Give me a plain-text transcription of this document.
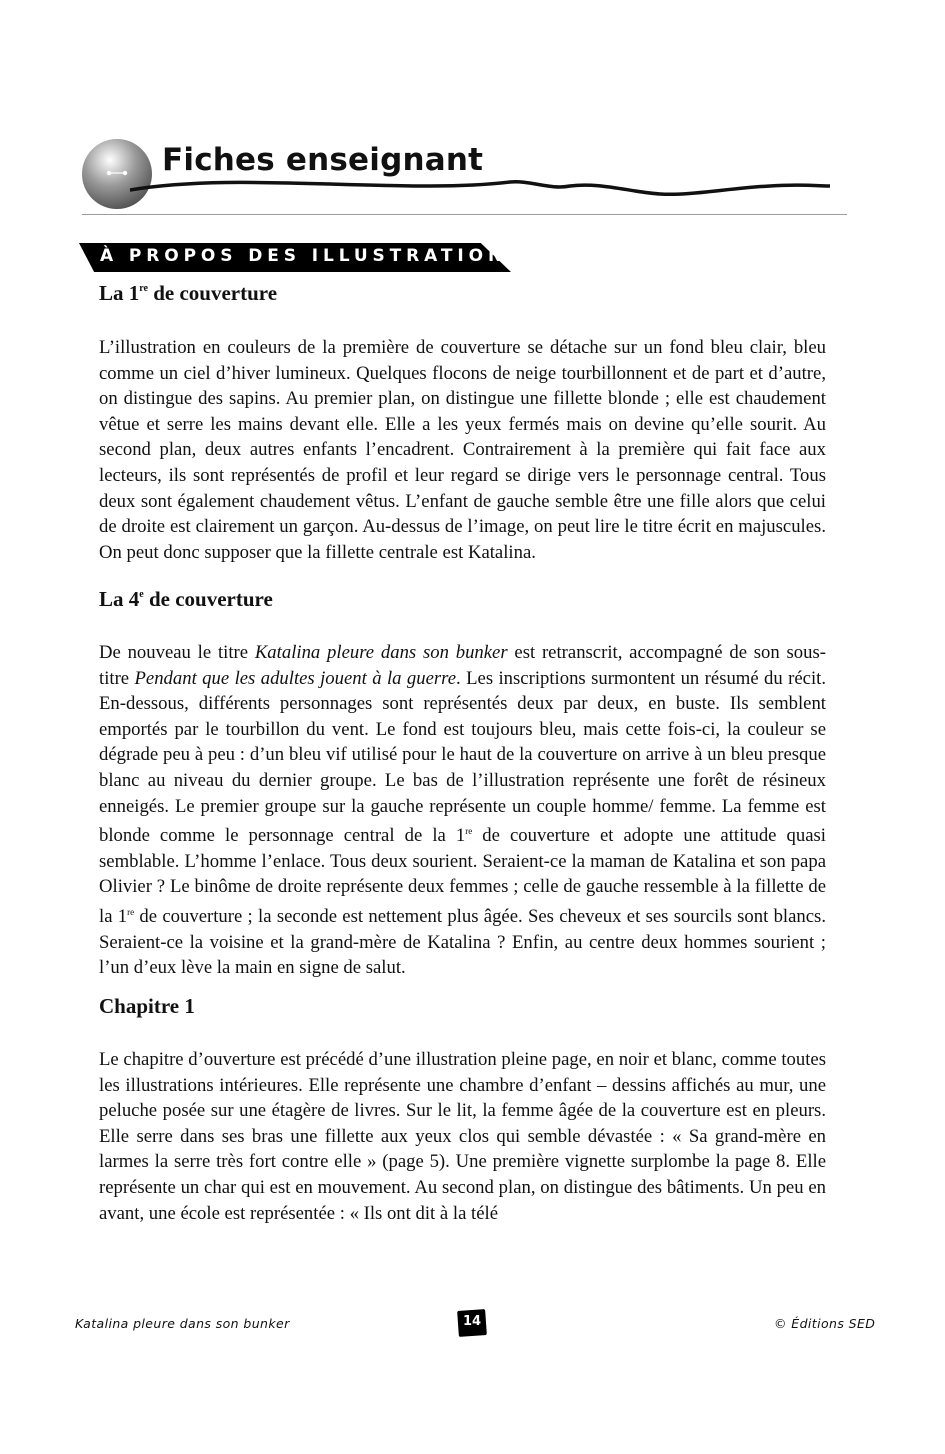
Fiches enseignant
À PROPOS DES ILLUSTRATIONS
La 1re de couverture

L’illustration en couleurs de la première de couverture se détache sur un fond bleu clair, bleu comme un ciel d’hiver lumineux. Quelques flocons de neige tourbillonnent et de part et d’autre, on distingue des sapins. Au premier plan, on distingue une fillette blonde ; elle est chaudement vêtue et serre les mains devant elle. Elle a les yeux fermés mais on devine qu’elle sourit. Au second plan, deux autres enfants l’encadrent. Contrairement à la première qui fait face aux lecteurs, ils sont représentés de profil et leur regard se dirige vers le personnage central. Tous deux sont également chaudement vêtus. L’enfant de gauche semble être une fille alors que celui de droite est clairement un garçon. Au-dessus de l’image, on peut lire le titre écrit en majuscules. On peut donc supposer que la fillette centrale est Katalina.

La 4e de couverture

De nouveau le titre Katalina pleure dans son bunker est retranscrit, accompagné de son sous-titre Pendant que les adultes jouent à la guerre. Les inscriptions surmontent un résumé du récit. En-dessous, différents personnages sont représentés deux par deux, en buste. Ils semblent emportés par le tourbillon du vent. Le fond est toujours bleu, mais cette fois-ci, la couleur se dégrade peu à peu : d’un bleu vif utilisé pour le haut de la couverture on arrive à un bleu presque blanc au niveau du dernier groupe. Le bas de l’illustration représente une forêt de résineux enneigés. Le premier groupe sur la gauche représente un couple homme/ femme. La femme est blonde comme le personnage central de la 1re de couverture et adopte une attitude quasi semblable. L’homme l’enlace. Tous deux sourient. Seraient-ce la maman de Katalina et son papa Olivier ? Le binôme de droite représente deux femmes ; celle de gauche ressemble à la fillette de la 1re de couverture ; la seconde est nettement plus âgée. Ses cheveux et ses sourcils sont blancs. Seraient-ce la voisine et la grand-mère de Katalina ? Enfin, au centre deux hommes sourient ; l’un d’eux lève la main en signe de salut.

Chapitre 1

Le chapitre d’ouverture est précédé d’une illustration pleine page, en noir et blanc, comme toutes les illustrations intérieures. Elle représente une chambre d’enfant – dessins affichés au mur, une peluche posée sur une étagère de livres. Sur le lit, la femme âgée de la couverture est en pleurs. Elle serre dans ses bras une fillette aux yeux clos qui semble dévastée : « Sa grand-mère en larmes la serre très fort contre elle » (page 5). Une première vignette surplombe la page 8. Elle représente un char qui est en mouvement. Au second plan, on distingue des bâtiments. Un peu en avant, une école est représentée : « Ils ont dit à la télé

Katalina pleure dans son bunker	14	© Éditions SED
